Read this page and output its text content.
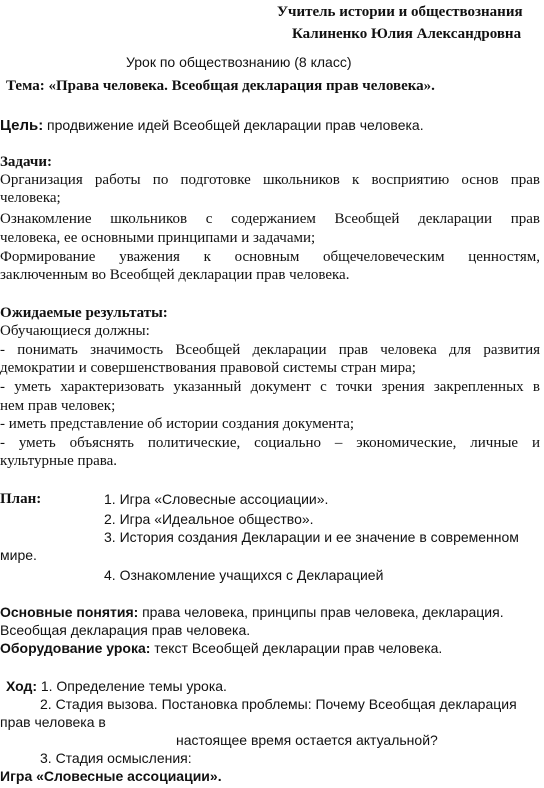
Учитель истории и обществознания
Калиненко Юлия Александровна
Урок по обществознанию (8 класс)
Тема: «Права человека. Всеобщая декларация прав человека».
Цель: продвижение идей Всеобщей декларации прав человека.
Задачи:
Организация работы по подготовке школьников к восприятию основ прав
человека;
Ознакомление школьников с содержанием Всеобщей декларации прав
человека, ее основными принципами и задачами;
Формирование уважения к основным общечеловеческим ценностям,
заключенным во Всеобщей декларации прав человека.
Ожидаемые результаты:
Обучающиеся должны:
- понимать значимость Всеобщей декларации прав человека для развития
демократии и совершенствования правовой системы стран мира;
- уметь характеризовать указанный документ с точки зрения закрепленных в
нем прав человек;
- иметь представление об истории создания документа;
- уметь объяснять политические, социально – экономические, личные и
культурные права.
План:	1. Игра «Словесные ассоциации».
2. Игра «Идеальное общество».
3. История создания Декларации и ее значение в современном
мире.
4. Ознакомление учащихся с Декларацией
Основные понятия: права человека, принципы прав человека, декларация.
Всеобщая декларация прав человека.
Оборудование урока: текст Всеобщей декларации прав человека.
Ход: 1. Определение темы урока.
2. Стадия вызова. Постановка проблемы: Почему Всеобщая декларация
прав человека в
настоящее время остается актуальной?
3. Стадия осмысления:
Игра «Словесные ассоциации».
